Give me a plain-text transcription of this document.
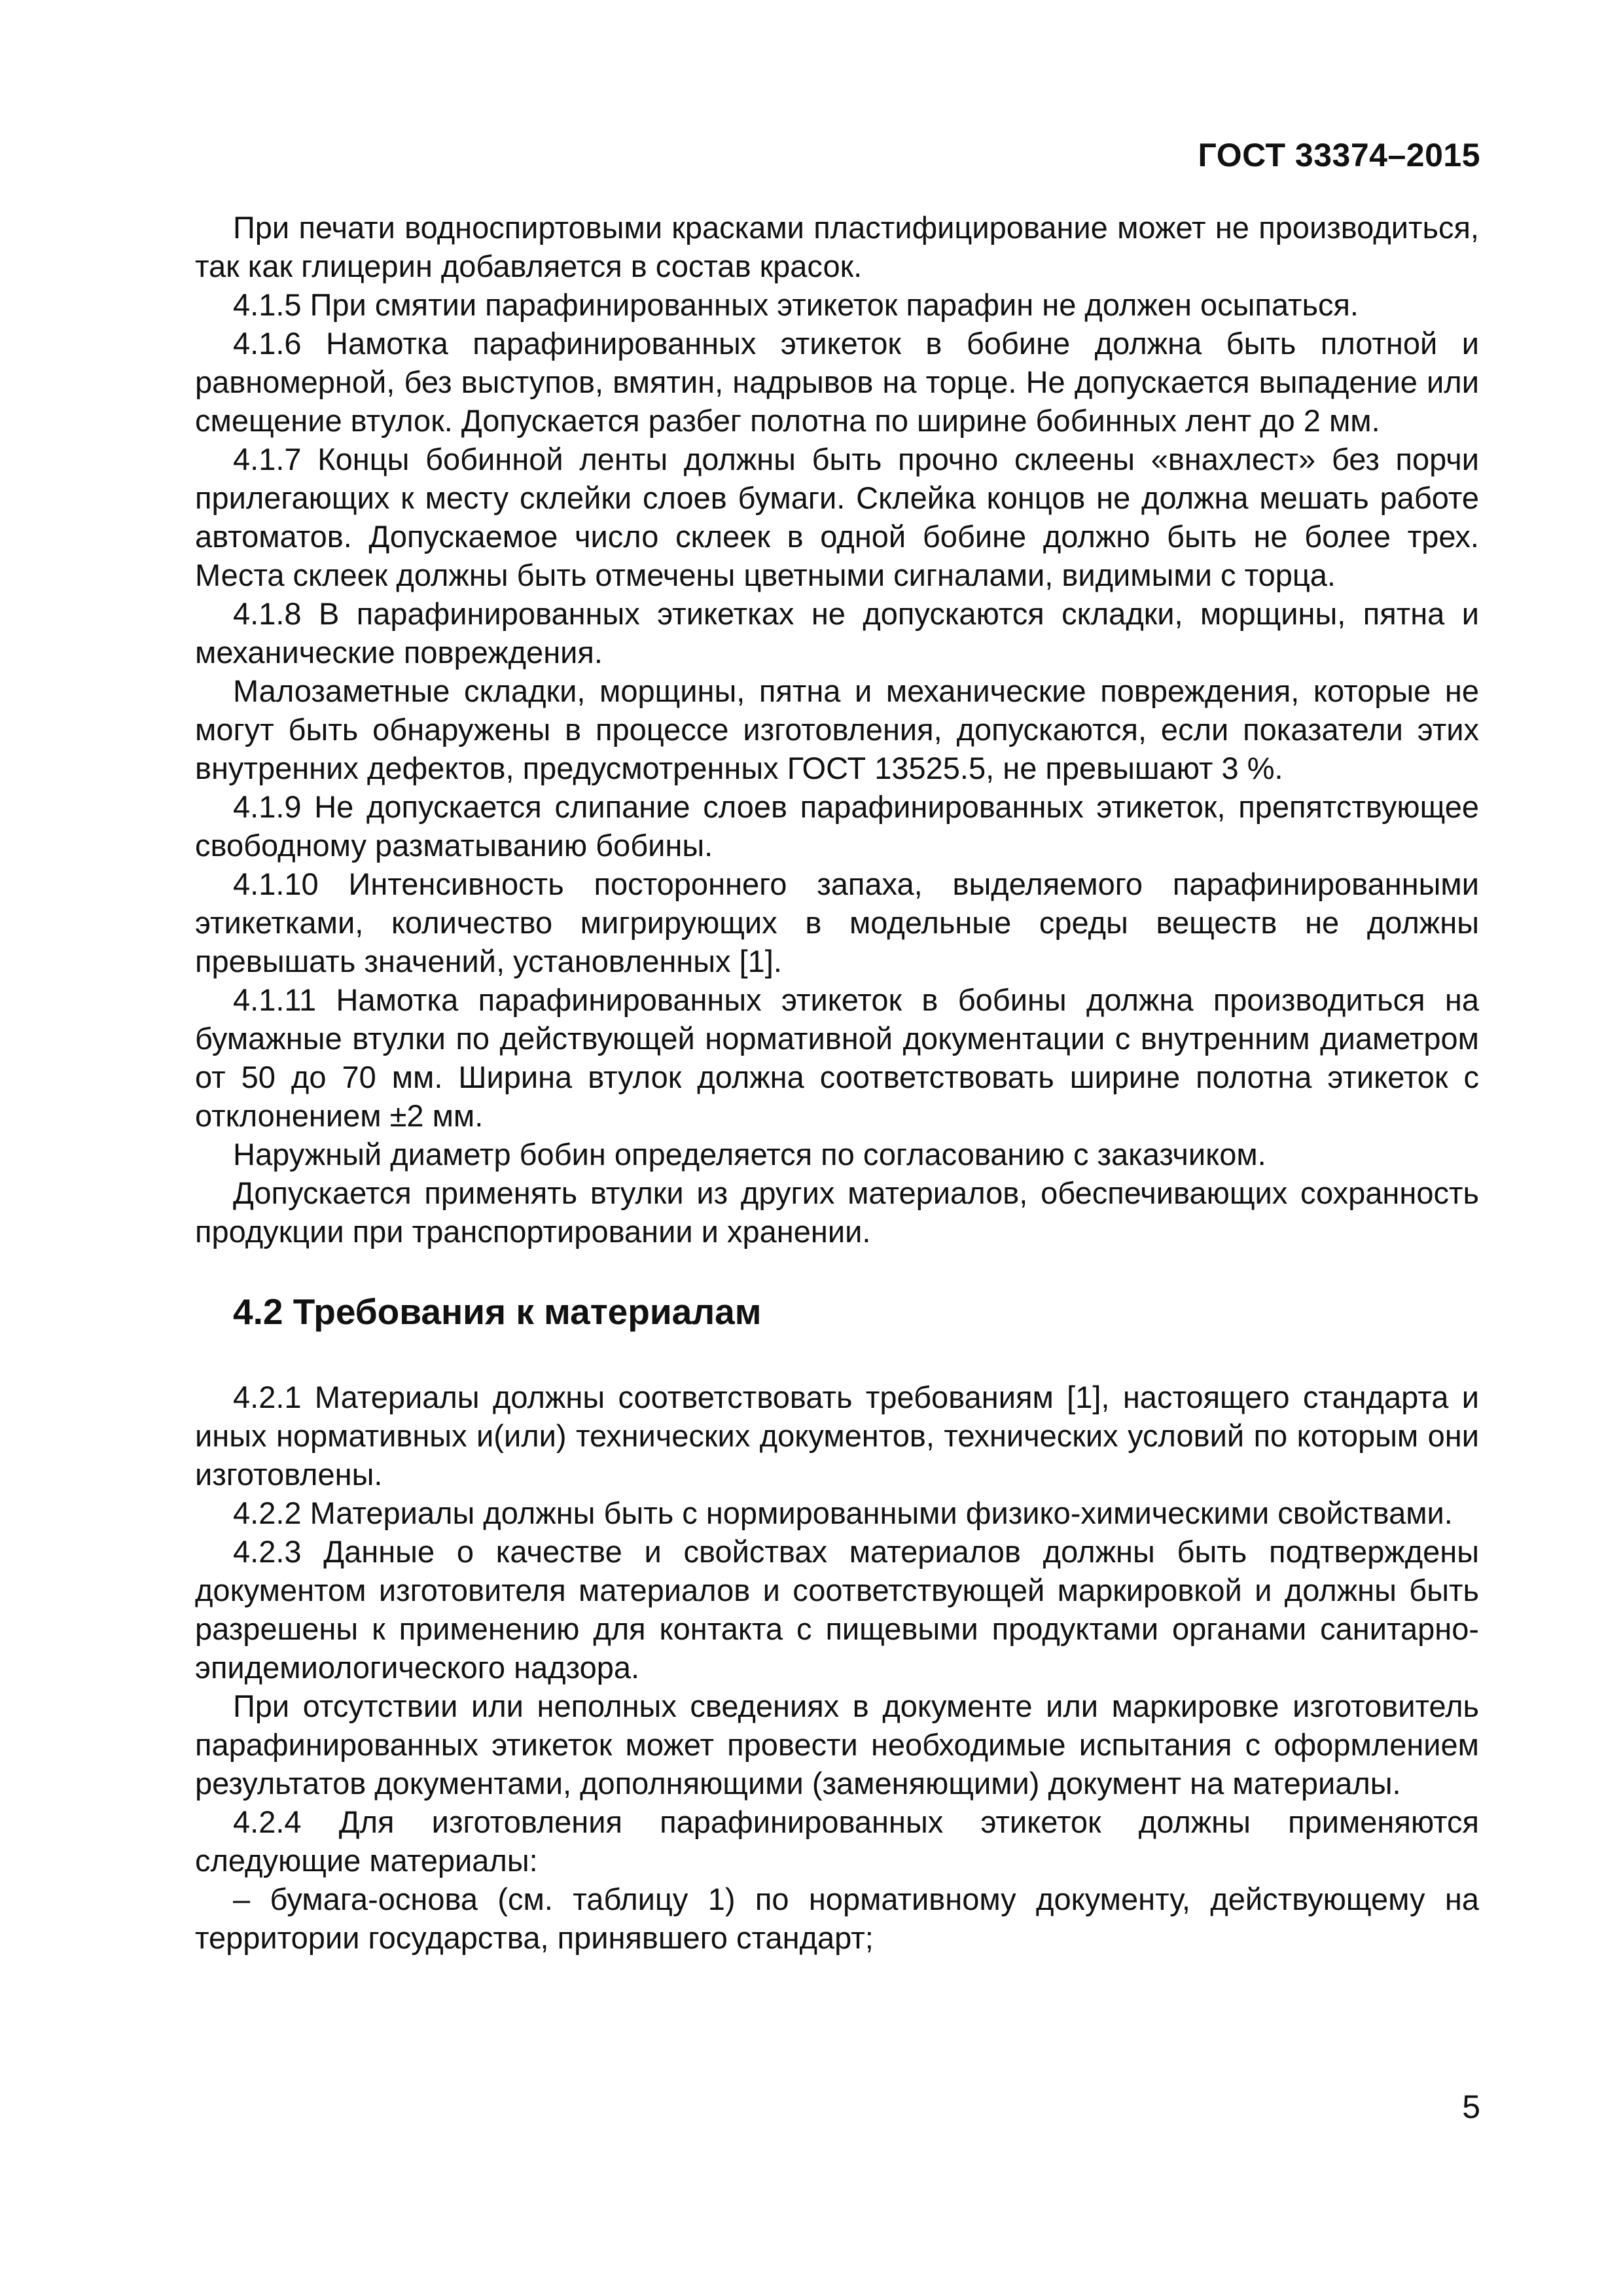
ГОСТ 33374–2015

При печати водноспиртовыми красками пластифицирование может не производиться, так как глицерин добавляется в состав красок.

4.1.5 При смятии парафинированных этикеток парафин не должен осыпаться.

4.1.6 Намотка парафинированных этикеток в бобине должна быть плотной и равномерной, без выступов, вмятин, надрывов на торце. Не допускается выпадение или смещение втулок. Допускается разбег полотна по ширине бобинных лент до 2 мм.

4.1.7 Концы бобинной ленты должны быть прочно склеены «внахлест» без порчи прилегающих к месту склейки слоев бумаги. Склейка концов не должна мешать работе автоматов. Допускаемое число склеек в одной бобине должно быть не более трех. Места склеек должны быть отмечены цветными сигналами, видимыми с торца.

4.1.8 В парафинированных этикетках не допускаются складки, морщины, пятна и механические повреждения.

Малозаметные складки, морщины, пятна и механические повреждения, которые не могут быть обнаружены в процессе изготовления, допускаются, если показатели этих внутренних дефектов, предусмотренных ГОСТ 13525.5, не превышают 3 %.

4.1.9 Не допускается слипание слоев парафинированных этикеток, препятствующее свободному разматыванию бобины.

4.1.10 Интенсивность постороннего запаха, выделяемого парафинированными этикетками, количество мигрирующих в модельные среды веществ не должны превышать значений, установленных [1].

4.1.11 Намотка парафинированных этикеток в бобины должна производиться на бумажные втулки по действующей нормативной документации с внутренним диаметром от 50 до 70 мм. Ширина втулок должна соответствовать ширине полотна этикеток с отклонением ±2 мм.

Наружный диаметр бобин определяется по согласованию с заказчиком.

Допускается применять втулки из других материалов, обеспечивающих сохранность продукции при транспортировании и хранении.

4.2 Требования к материалам

4.2.1 Материалы должны соответствовать требованиям [1], настоящего стандарта и иных нормативных и(или) технических документов, технических условий по которым они изготовлены.

4.2.2 Материалы должны быть с нормированными физико-химическими свойствами.

4.2.3 Данные о качестве и свойствах материалов должны быть подтверждены документом изготовителя материалов и соответствующей маркировкой и должны быть разрешены к применению для контакта с пищевыми продуктами органами санитарно-эпидемиологического надзора.

При отсутствии или неполных сведениях в документе или маркировке изготовитель парафинированных этикеток может провести необходимые испытания с оформлением результатов документами, дополняющими (заменяющими) документ на материалы.

4.2.4 Для изготовления парафинированных этикеток должны применяются следующие материалы:

– бумага-основа (см. таблицу 1) по нормативному документу, действующему на территории государства, принявшего стандарт;

5
